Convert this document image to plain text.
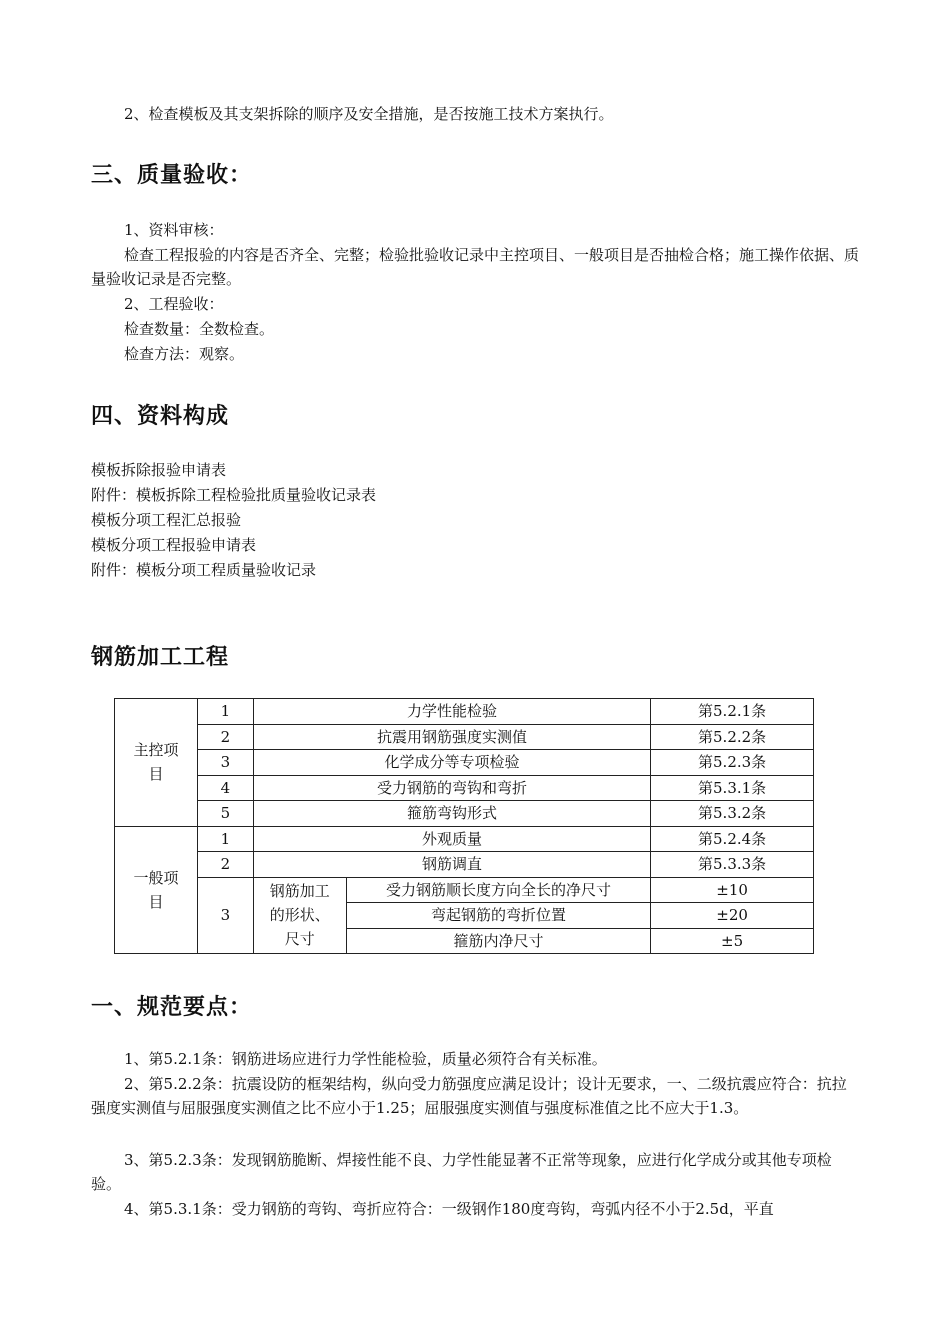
2、检查模板及其支架拆除的顺序及安全措施，是否按施工技术方案执行。

三、质量验收：

1、资料审核：

检查工程报验的内容是否齐全、完整；检验批验收记录中主控项目、一般项目是否抽检合格；施工操作依据、质量验收记录是否完整。

2、工程验收：

检查数量：全数检查。

检查方法：观察。

四、资料构成

模板拆除报验申请表

附件：模板拆除工程检验批质量验收记录表

模板分项工程汇总报验

模板分项工程报验申请表

附件：模板分项工程质量验收记录

钢筋加工工程
主控项目	1	力学性能检验		第5.2.1条
	2	抗震用钢筋强度实测值		第5.2.2条
	3	化学成分等专项检验		第5.2.3条
	4	受力钢筋的弯钩和弯折		第5.3.1条
	5	箍筋弯钩形式		第5.3.2条
一般项目	1	外观质量		第5.2.4条
	2	钢筋调直		第5.3.3条
	3	钢筋加工的形状、尺寸	受力钢筋顺长度方向全长的净尺寸	±10
			弯起钢筋的弯折位置	±20
			箍筋内净尺寸	±5
一、规范要点：

1、第5.2.1条：钢筋进场应进行力学性能检验，质量必须符合有关标准。

2、第5.2.2条：抗震设防的框架结构，纵向受力筋强度应满足设计；设计无要求，一、二级抗震应符合：抗拉强度实测值与屈服强度实测值之比不应小于1.25；屈服强度实测值与强度标准值之比不应大于1.3。

3、第5.2.3条：发现钢筋脆断、焊接性能不良、力学性能显著不正常等现象，应进行化学成分或其他专项检验。

4、第5.3.1条：受力钢筋的弯钩、弯折应符合：一级钢作180度弯钩，弯弧内径不小于2.5d，平直
